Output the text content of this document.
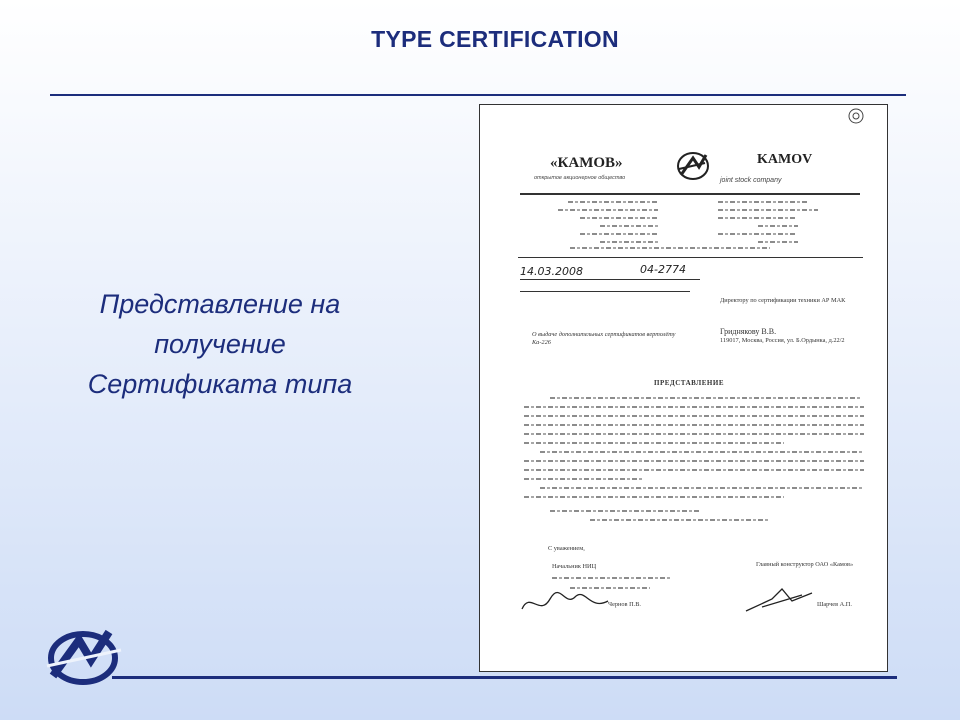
TYPE CERTIFICATION
Представление на
получение
Сертификата типа
«КАМОВ»
открытое акционерное общество
KAMOV
joint stock company
14.03.2008	04-2774
Директору по сертификации техники АР МАК
Гриднякову В.В.
119017, Москва, Россия, ул. Б.Ордынка, д.22/2
О выдаче дополнительных сертификатов вертолёту Ка-226
ПРЕДСТАВЛЕНИЕ
С уважением,
Начальник НИЦ	Главный конструктор ОАО «Камов»
Чернов П.В.	Шарчев А.П.
